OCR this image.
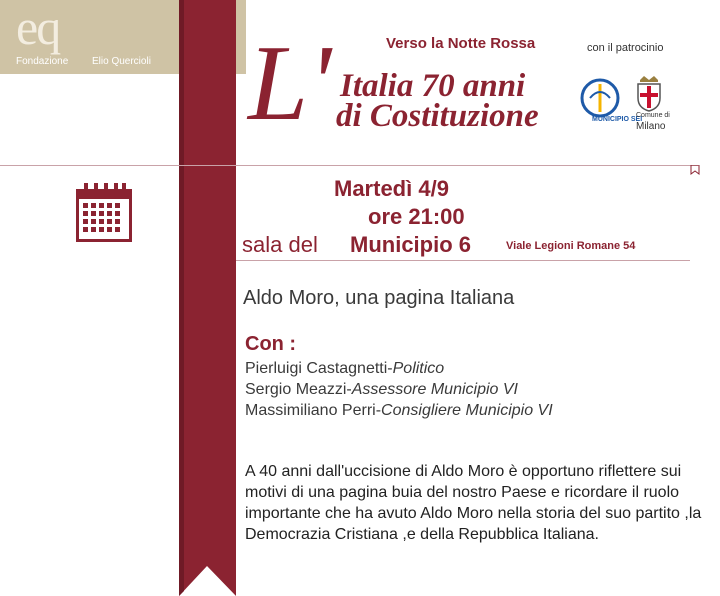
eq
Fondazione Elio Quercioli
Verso la Notte Rossa
L' Italia 70 anni
di Costituzione
con il patrocinio
MUNICIPIO SEI
Comune di
Milano
Martedì 4/9
ore 21:00
sala del Municipio 6	Viale Legioni Romane 54
Aldo Moro, una pagina Italiana
Con :
Pierluigi Castagnetti-Politico
Sergio Meazzi-Assessore Municipio VI
Massimiliano Perri-Consigliere Municipio VI

A 40 anni dall'uccisione di Aldo Moro è opportuno riflettere sui motivi di una pagina buia del nostro Paese e ricordare il ruolo importante che ha avuto Aldo Moro nella storia del suo partito ,la Democrazia Cristiana ,e della Repubblica Italiana.
